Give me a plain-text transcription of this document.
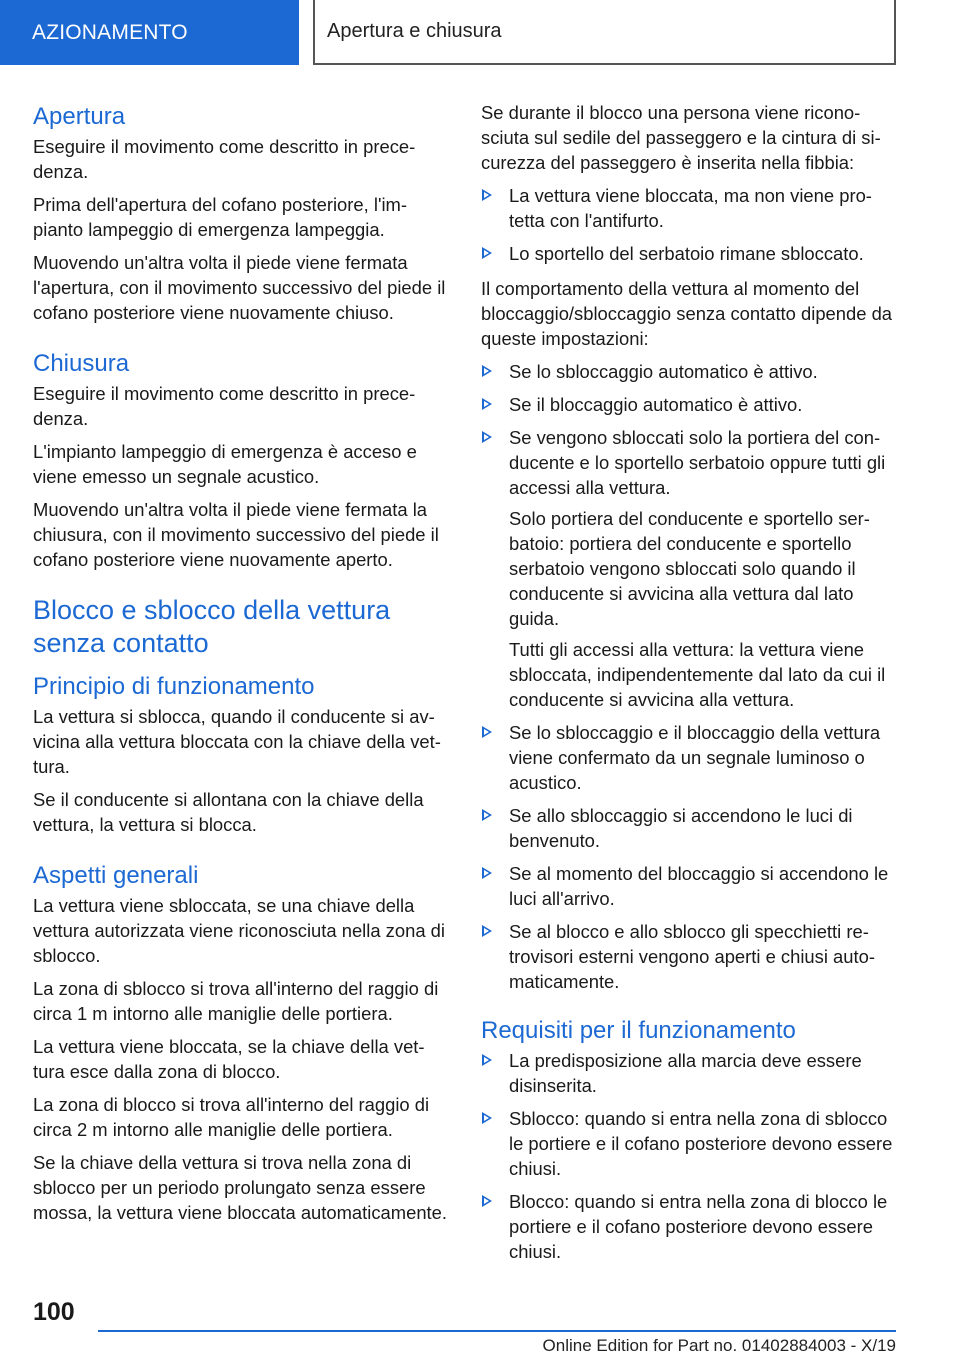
AZIONAMENTO	Apertura e chiusura
Apertura

Eseguire il movimento come descritto in precedenza.

Prima dell'apertura del cofano posteriore, l'impianto lampeggio di emergenza lampeggia.

Muovendo un'altra volta il piede viene fermata l'apertura, con il movimento successivo del piede il cofano posteriore viene nuovamente chiuso.

Chiusura

Eseguire il movimento come descritto in precedenza.

L'impianto lampeggio di emergenza è acceso e viene emesso un segnale acustico.

Muovendo un'altra volta il piede viene fermata la chiusura, con il movimento successivo del piede il cofano posteriore viene nuovamente aperto.

Blocco e sblocco della vettura senza contatto
Principio di funzionamento

La vettura si sblocca, quando il conducente si avvicina alla vettura bloccata con la chiave della vettura.

Se il conducente si allontana con la chiave della vettura, la vettura si blocca.

Aspetti generali

La vettura viene sbloccata, se una chiave della vettura autorizzata viene riconosciuta nella zona di sblocco.

La zona di sblocco si trova all'interno del raggio di circa 1 m intorno alle maniglie delle portiera.

La vettura viene bloccata, se la chiave della vettura esce dalla zona di blocco.

La zona di blocco si trova all'interno del raggio di circa 2 m intorno alle maniglie delle portiera.

Se la chiave della vettura si trova nella zona di sblocco per un periodo prolungato senza essere mossa, la vettura viene bloccata automaticamente.

Se durante il blocco una persona viene riconosciuta sul sedile del passeggero e la cintura di sicurezza del passeggero è inserita nella fibbia:

La vettura viene bloccata, ma non viene protetta con l'antifurto.
Lo sportello del serbatoio rimane sbloccato.

Il comportamento della vettura al momento del bloccaggio/sbloccaggio senza contatto dipende da queste impostazioni:

Se lo sbloccaggio automatico è attivo.
Se il bloccaggio automatico è attivo.
Se vengono sbloccati solo la portiera del conducente e lo sportello serbatoio oppure tutti gli accessi alla vettura.
Solo portiera del conducente e sportello serbatoio: portiera del conducente e sportello serbatoio vengono sbloccati solo quando il conducente si avvicina alla vettura dal lato guida.
Tutti gli accessi alla vettura: la vettura viene sbloccata, indipendentemente dal lato da cui il conducente si avvicina alla vettura.
Se lo sbloccaggio e il bloccaggio della vettura viene confermato da un segnale luminoso o acustico.
Se allo sbloccaggio si accendono le luci di benvenuto.
Se al momento del bloccaggio si accendono le luci all'arrivo.
Se al blocco e allo sblocco gli specchietti retrovisori esterni vengono aperti e chiusi automaticamente.
Requisiti per il funzionamento
La predisposizione alla marcia deve essere disinserita.
Sblocco: quando si entra nella zona di sblocco le portiere e il cofano posteriore devono essere chiusi.
Blocco: quando si entra nella zona di blocco le portiere e il cofano posteriore devono essere chiusi.
100
Online Edition for Part no. 01402884003 - X/19
